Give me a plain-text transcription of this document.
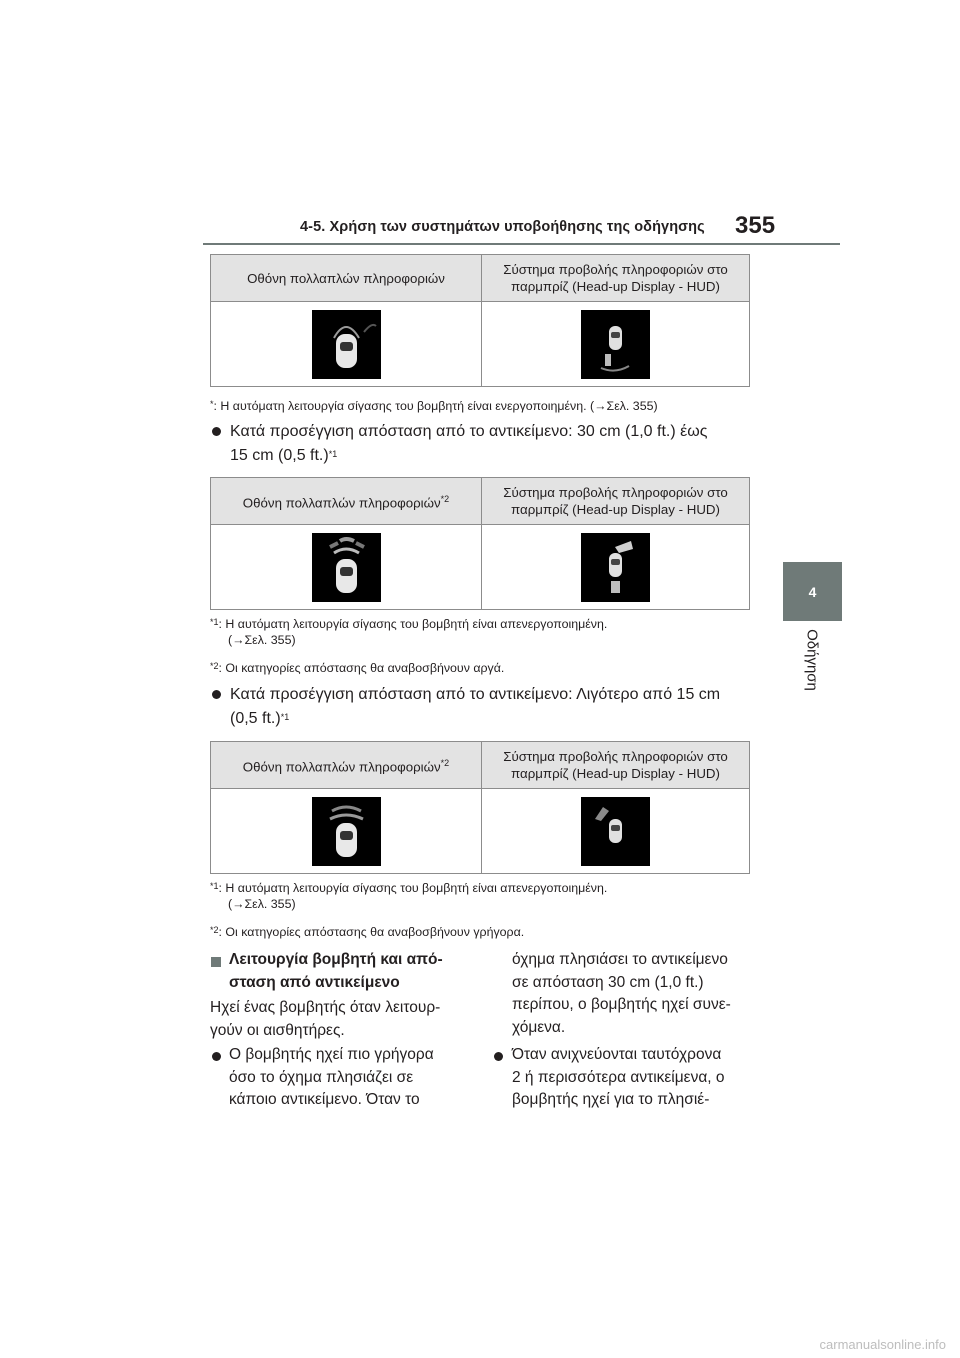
4-5. Χρήση των συστημάτων υποβοήθησης της οδήγησης 355
4
Οδήγηση
Οθόνη πολλαπλών πληροφοριών	Σύστημα προβολής πληροφοριών στο
παρμπρίζ (Head-up Display - HUD)

*: Η αυτόματη λειτουργία σίγασης του βομβητή είναι ενεργοποιημένη. (→Σελ. 355)
Κατά προσέγγιση απόσταση από το αντικείμενο: 30 cm (1,0 ft.) έως
15 cm (0,5 ft.)$^{*1}$
Οθόνη πολλαπλών πληροφοριών$^{*2}$	Σύστημα προβολής πληροφοριών στο
παρμπρίζ (Head-up Display - HUD)

$^{*1}$: Η αυτόματη λειτουργία σίγασης του βομβητή είναι απενεργοποιημένη.
(→Σελ. 355)
$^{*2}$: Οι κατηγορίες απόστασης θα αναβοσβήνουν αργά.
Κατά προσέγγιση απόσταση από το αντικείμενο: Λιγότερο από 15 cm
(0,5 ft.)$^{*1}$
Οθόνη πολλαπλών πληροφοριών$^{*2}$	Σύστημα προβολής πληροφοριών στο
παρμπρίζ (Head-up Display - HUD)

$^{*1}$: Η αυτόματη λειτουργία σίγασης του βομβητή είναι απενεργοποιημένη.
(→Σελ. 355)
$^{*2}$: Οι κατηγορίες απόστασης θα αναβοσβήνουν γρήγορα.
Λειτουργία βομβητή και από-
σταση από αντικείμενο
Ηχεί ένας βομβητής όταν λειτουρ-
γούν οι αισθητήρες.
Ο βομβητής ηχεί πιο γρήγορα
όσο το όχημα πλησιάζει σε
κάποιο αντικείμενο. Όταν το
όχημα πλησιάσει το αντικείμενο
σε απόσταση 30 cm (1,0 ft.)
περίπου, ο βομβητής ηχεί συνε-
χόμενα.
Όταν ανιχνεύονται ταυτόχρονα
2 ή περισσότερα αντικείμενα, ο
βομβητής ηχεί για το πλησιέ-
carmanualsonline.info
